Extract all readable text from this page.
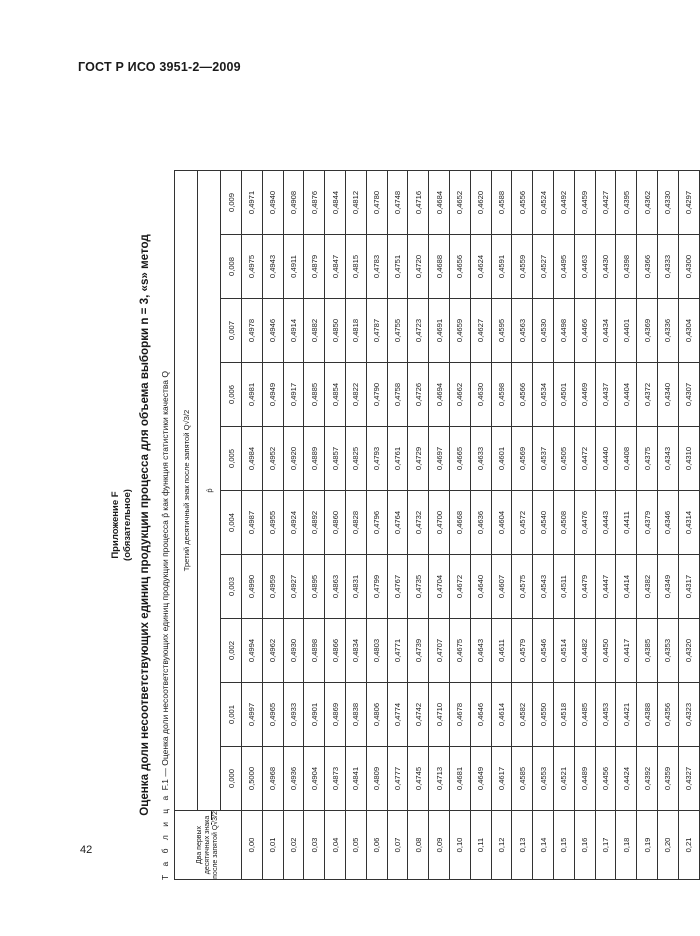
ГОСТ Р ИСО 3951-2—2009
42
Приложение F (обязательное) Оценка доли несоответствующих единиц продукции процесса для объема выборки n = 3, «s» метод
Т а б л и ц а F.1 — Оценка доли несоответствующих единиц продукции процесса p̂ как функция статистики качества Q
Два первых десятичных знака после запятой Q√3/2	Третий десятичный знак после запятой Q√3/2									
	p̂									
	0,000	0,001	0,002	0,003	0,004	0,005	0,006	0,007	0,008	0,009
0,00	0,5000	0,4997	0,4994	0,4990	0,4987	0,4984	0,4981	0,4978	0,4975	0,4971
0,01	0,4968	0,4965	0,4962	0,4959	0,4955	0,4952	0,4949	0,4946	0,4943	0,4940
0,02	0,4936	0,4933	0,4930	0,4927	0,4924	0,4920	0,4917	0,4914	0,4911	0,4908
0,03	0,4904	0,4901	0,4898	0,4895	0,4892	0,4889	0,4885	0,4882	0,4879	0,4876
0,04	0,4873	0,4869	0,4866	0,4863	0,4860	0,4857	0,4854	0,4850	0,4847	0,4844
0,05	0,4841	0,4838	0,4834	0,4831	0,4828	0,4825	0,4822	0,4818	0,4815	0,4812
0,06	0,4809	0,4806	0,4803	0,4799	0,4796	0,4793	0,4790	0,4787	0,4783	0,4780
0,07	0,4777	0,4774	0,4771	0,4767	0,4764	0,4761	0,4758	0,4755	0,4751	0,4748
0,08	0,4745	0,4742	0,4739	0,4735	0,4732	0,4729	0,4726	0,4723	0,4720	0,4716
0,09	0,4713	0,4710	0,4707	0,4704	0,4700	0,4697	0,4694	0,4691	0,4688	0,4684
0,10	0,4681	0,4678	0,4675	0,4672	0,4668	0,4665	0,4662	0,4659	0,4656	0,4652
0,11	0,4649	0,4646	0,4643	0,4640	0,4636	0,4633	0,4630	0,4627	0,4624	0,4620
0,12	0,4617	0,4614	0,4611	0,4607	0,4604	0,4601	0,4598	0,4595	0,4591	0,4588
0,13	0,4585	0,4582	0,4579	0,4575	0,4572	0,4569	0,4566	0,4563	0,4559	0,4556
0,14	0,4553	0,4550	0,4546	0,4543	0,4540	0,4537	0,4534	0,4530	0,4527	0,4524
0,15	0,4521	0,4518	0,4514	0,4511	0,4508	0,4505	0,4501	0,4498	0,4495	0,4492
0,16	0,4489	0,4485	0,4482	0,4479	0,4476	0,4472	0,4469	0,4466	0,4463	0,4459
0,17	0,4456	0,4453	0,4450	0,4447	0,4443	0,4440	0,4437	0,4434	0,4430	0,4427
0,18	0,4424	0,4421	0,4417	0,4414	0,4411	0,4408	0,4404	0,4401	0,4398	0,4395
0,19	0,4392	0,4388	0,4385	0,4382	0,4379	0,4375	0,4372	0,4369	0,4366	0,4362
0,20	0,4359	0,4356	0,4353	0,4349	0,4346	0,4343	0,4340	0,4336	0,4333	0,4330
0,21	0,4327	0,4323	0,4320	0,4317	0,4314	0,4310	0,4307	0,4304	0,4300	0,4297
